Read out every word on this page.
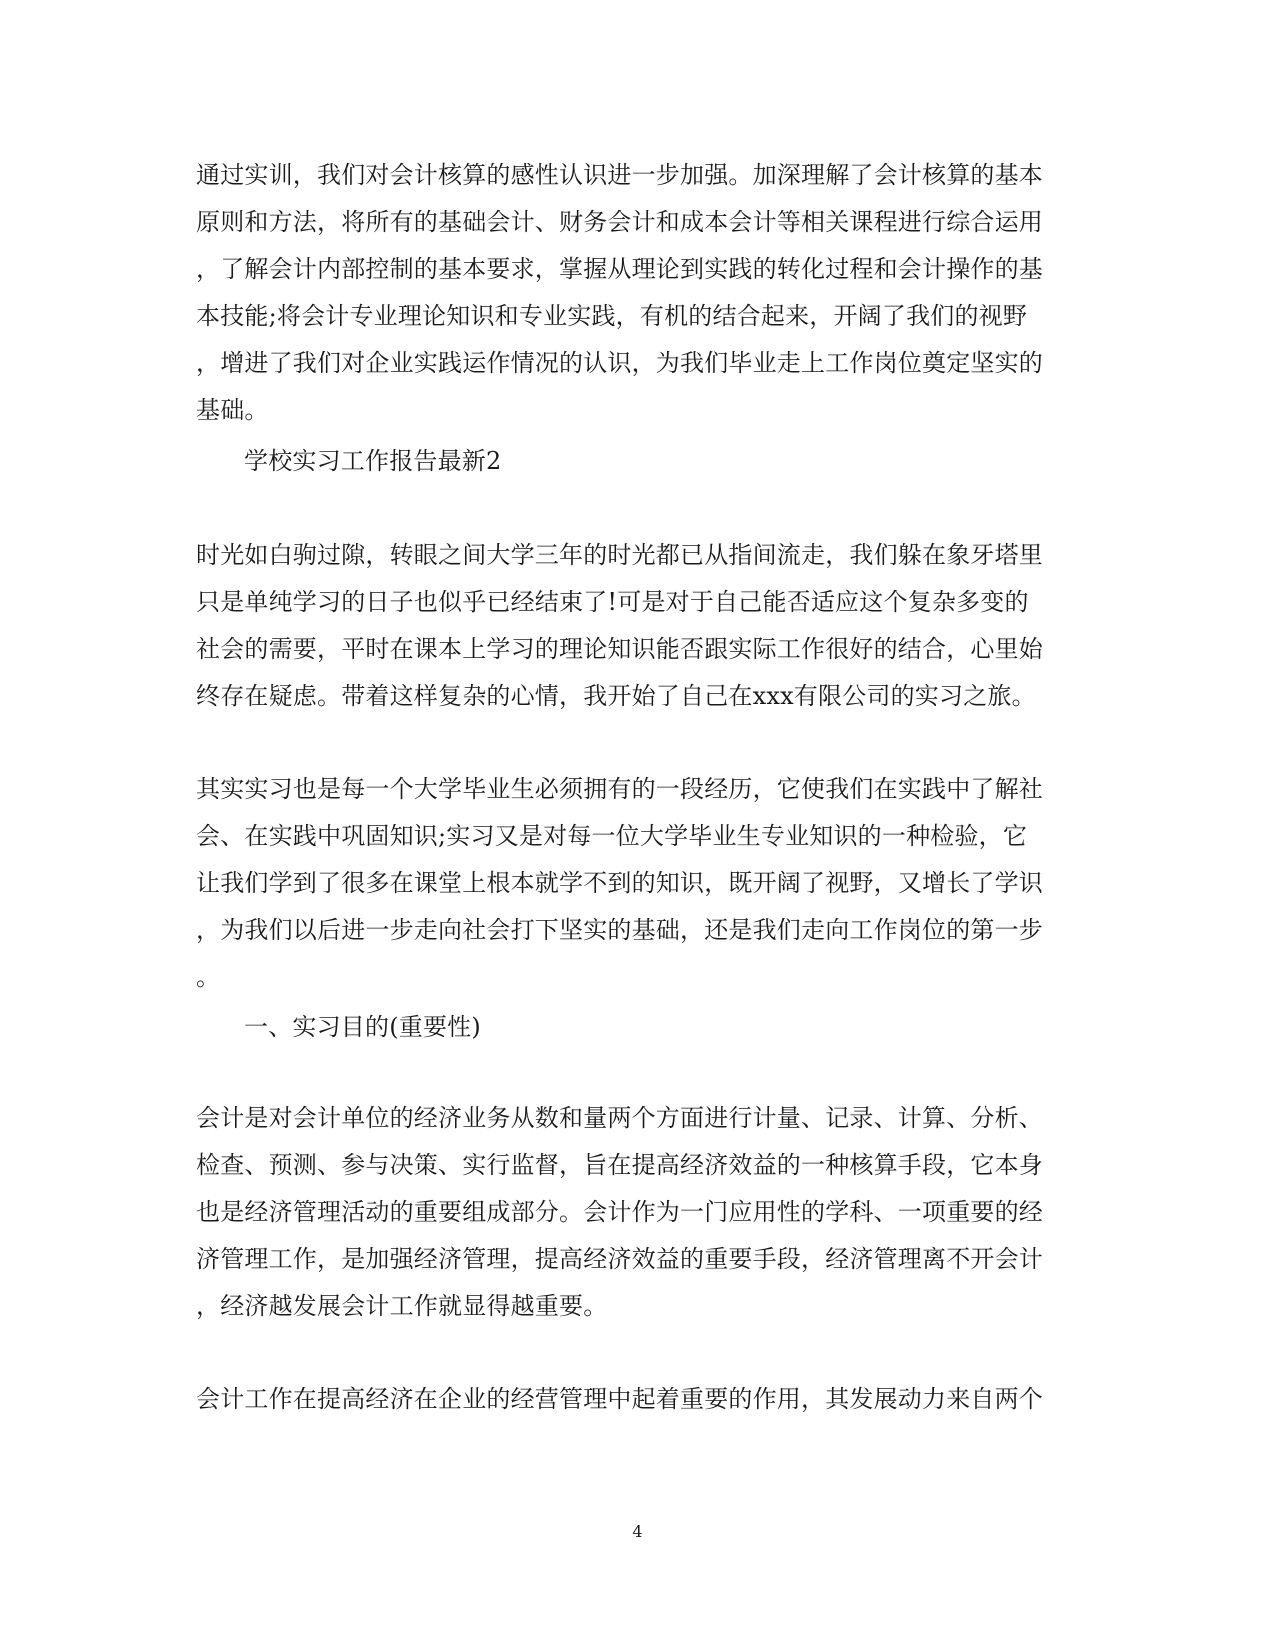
通过实训，我们对会计核算的感性认识进一步加强。加深理解了会计核算的基本
原则和方法，将所有的基础会计、财务会计和成本会计等相关课程进行综合运用
，了解会计内部控制的基本要求，掌握从理论到实践的转化过程和会计操作的基
本技能;将会计专业理论知识和专业实践，有机的结合起来，开阔了我们的视野
，增进了我们对企业实践运作情况的认识，为我们毕业走上工作岗位奠定坚实的
基础。
学校实习工作报告最新2
时光如白驹过隙，转眼之间大学三年的时光都已从指间流走，我们躲在象牙塔里
只是单纯学习的日子也似乎已经结束了!可是对于自己能否适应这个复杂多变的
社会的需要，平时在课本上学习的理论知识能否跟实际工作很好的结合，心里始
终存在疑虑。带着这样复杂的心情，我开始了自己在xxx有限公司的实习之旅。
其实实习也是每一个大学毕业生必须拥有的一段经历，它使我们在实践中了解社
会、在实践中巩固知识;实习又是对每一位大学毕业生专业知识的一种检验，它
让我们学到了很多在课堂上根本就学不到的知识，既开阔了视野，又增长了学识
，为我们以后进一步走向社会打下坚实的基础，还是我们走向工作岗位的第一步
。
一、实习目的(重要性)
会计是对会计单位的经济业务从数和量两个方面进行计量、记录、计算、分析、
检查、预测、参与决策、实行监督，旨在提高经济效益的一种核算手段，它本身
也是经济管理活动的重要组成部分。会计作为一门应用性的学科、一项重要的经
济管理工作，是加强经济管理，提高经济效益的重要手段，经济管理离不开会计
，经济越发展会计工作就显得越重要。
会计工作在提高经济在企业的经营管理中起着重要的作用，其发展动力来自两个
4
